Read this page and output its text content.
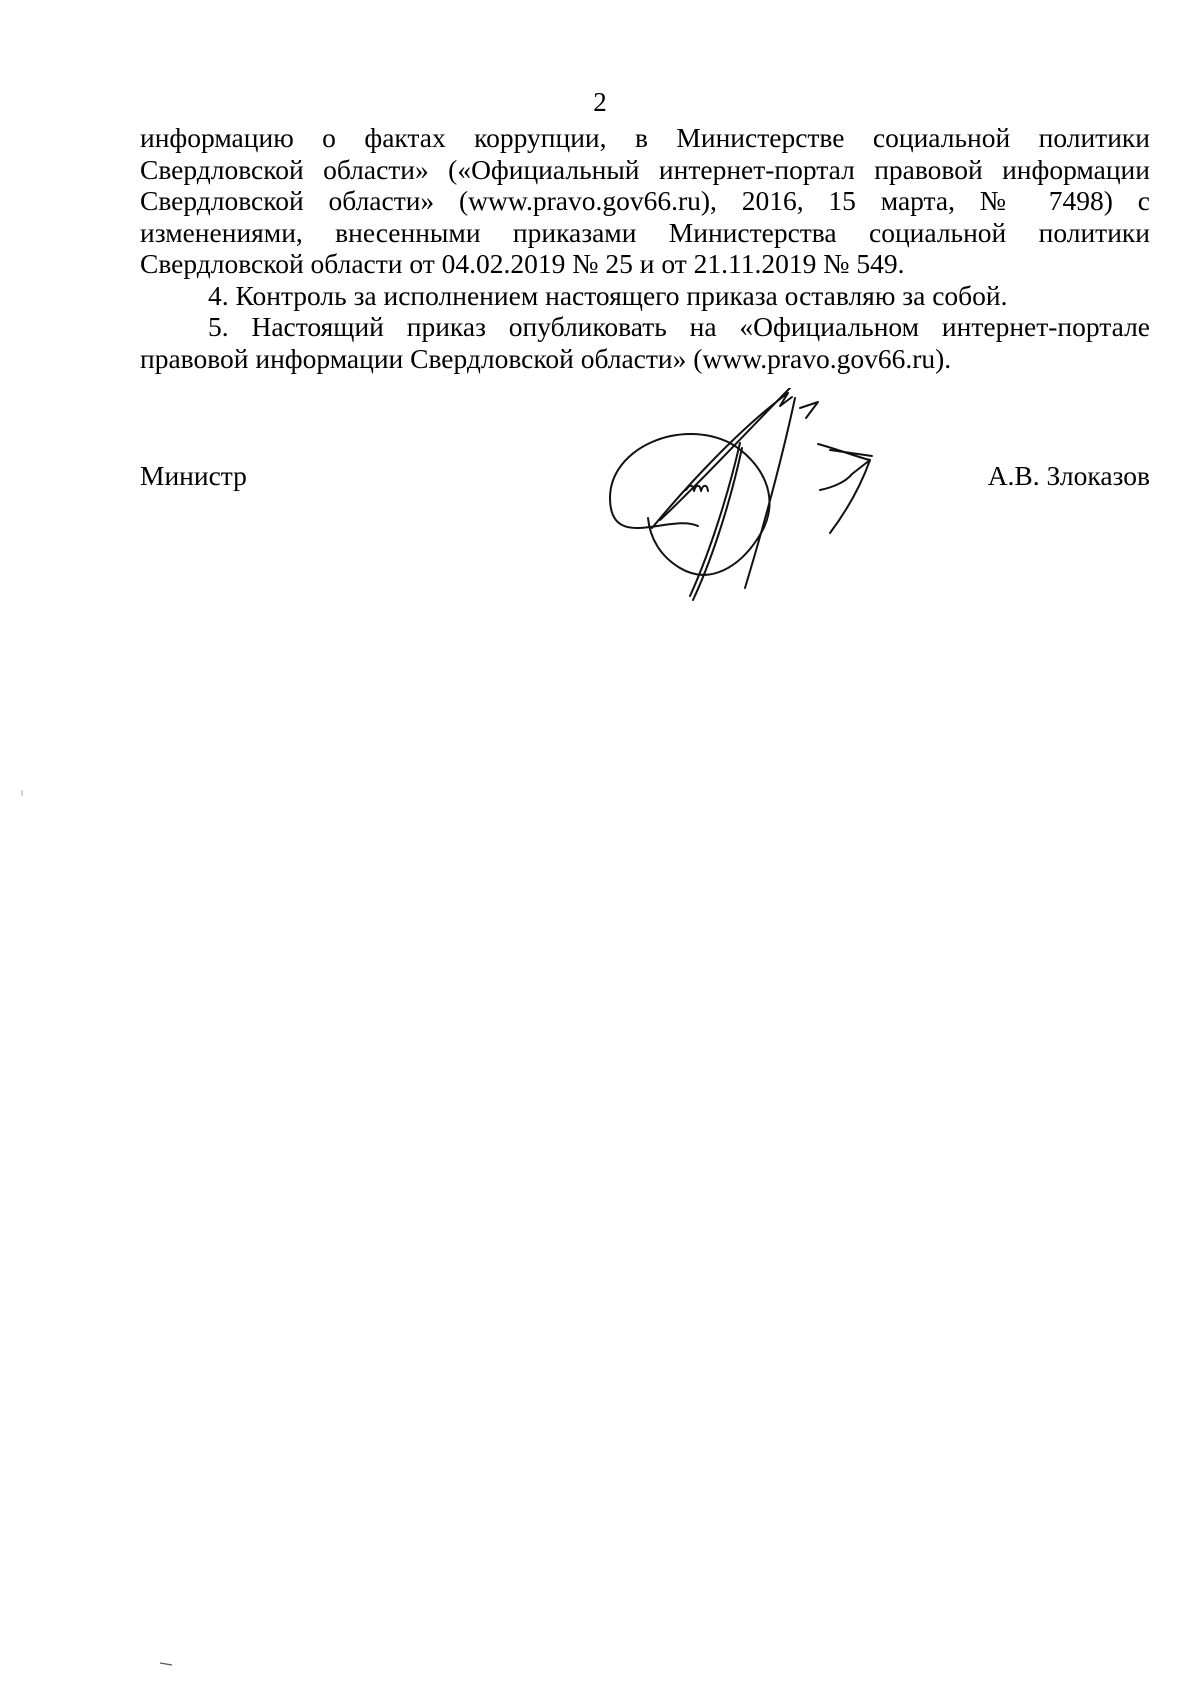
2

информацию о фактах коррупции, в Министерстве социальной политики Свердловской области» («Официальный интернет-портал правовой информации Свердловской области» (www.pravo.gov66.ru), 2016, 15 марта, № 7498) с изменениями, внесенными приказами Министерства социальной политики Свердловской области от 04.02.2019 № 25 и от 21.11.2019 № 549.

4. Контроль за исполнением настоящего приказа оставляю за собой.

5. Настоящий приказ опубликовать на «Официальном интернет-портале правовой информации Свердловской области» (www.pravo.gov66.ru).

Министр	А.В. Злоказов
